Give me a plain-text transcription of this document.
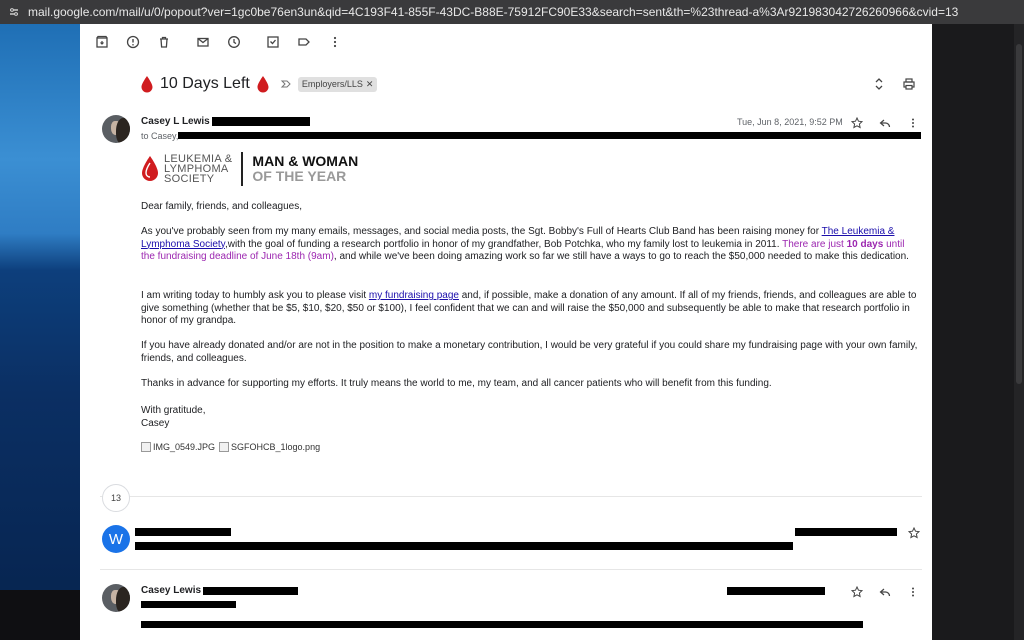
mail.google.com/mail/u/0/popout?ver=1gc0be76en3un&qid=4C193F41-855F-43DC-B88E-75912FC90E33&search=sent&th=%23thread-a%3Ar921983042726260966&cvid=13
10 Days Left	Employers/LLS ✕
Casey L Lewis
to Casey,
Tue, Jun 8, 2021, 9:52 PM
LEUKEMIA &
LYMPHOMA
SOCIETY
MAN & WOMAN
OF THE YEAR
Dear family, friends, and colleagues,
As you've probably seen from my many emails, messages, and social media posts, the Sgt. Bobby's Full of Hearts Club Band has been raising money for The Leukemia & Lymphoma Society,with the goal of funding a research portfolio in honor of my grandfather, Bob Potchka, who my family lost to leukemia in 2011. There are just 10 days until the fundraising deadline of June 18th (9am), and while we've been doing amazing work so far we still have a ways to go to reach the $50,000 needed to make this dedication.
I am writing today to humbly ask you to please visit my fundraising page and, if possible, make a donation of any amount. If all of my friends, friends, and colleagues are able to give something (whether that be $5, $10, $20, $50 or $100), I feel confident that we can and will raise the $50,000 and subsequently be able to make that research portfolio in honor of my grandpa.
If you have already donated and/or are not in the position to make a monetary contribution, I would be very grateful if you could share my fundraising page with your own family, friends, and colleagues.
Thanks in advance for supporting my efforts. It truly means the world to me, my team, and all cancer patients who will benefit from this funding.
With gratitude,
Casey
IMG_0549.JPG SGFOHCB_1logo.png
13
W
Casey Lewis
